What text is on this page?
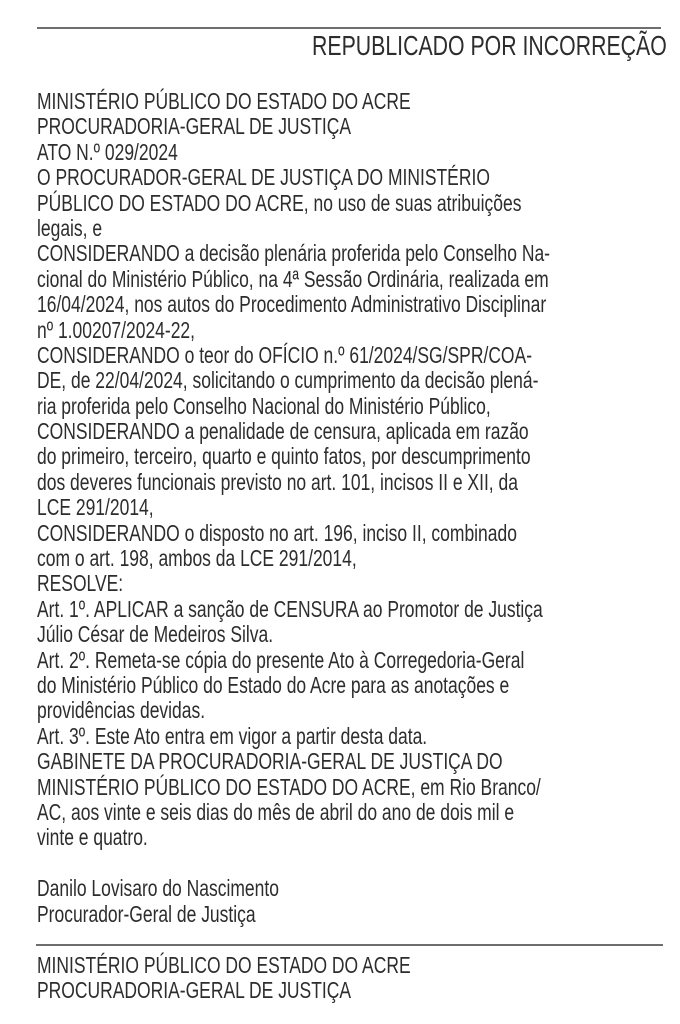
REPUBLICADO POR INCORREÇÃO
MINISTÉRIO PÚBLICO DO ESTADO DO ACRE
PROCURADORIA-GERAL DE JUSTIÇA
ATO N.º 029/2024
O PROCURADOR-GERAL DE JUSTIÇA DO MINISTÉRIO
PÚBLICO DO ESTADO DO ACRE, no uso de suas atribuições
legais, e
CONSIDERANDO a decisão plenária proferida pelo Conselho Na-
cional do Ministério Público, na 4ª Sessão Ordinária, realizada em
16/04/2024, nos autos do Procedimento Administrativo Disciplinar
nº 1.00207/2024-22,
CONSIDERANDO o teor do OFÍCIO n.º 61/2024/SG/SPR/COA-
DE, de 22/04/2024, solicitando o cumprimento da decisão plená-
ria proferida pelo Conselho Nacional do Ministério Público,
CONSIDERANDO a penalidade de censura, aplicada em razão
do primeiro, terceiro, quarto e quinto fatos, por descumprimento
dos deveres funcionais previsto no art. 101, incisos II e XII, da
LCE 291/2014,
CONSIDERANDO o disposto no art. 196, inciso II, combinado
com o art. 198, ambos da LCE 291/2014,
RESOLVE:
Art. 1º. APLICAR a sanção de CENSURA ao Promotor de Justiça
Júlio César de Medeiros Silva.
Art. 2º. Remeta-se cópia do presente Ato à Corregedoria-Geral
do Ministério Público do Estado do Acre para as anotações e
providências devidas.
Art. 3º. Este Ato entra em vigor a partir desta data.
GABINETE DA PROCURADORIA-GERAL DE JUSTIÇA DO
MINISTÉRIO PÚBLICO DO ESTADO DO ACRE, em Rio Branco/
AC, aos vinte e seis dias do mês de abril do ano de dois mil e
vinte e quatro.
Danilo Lovisaro do Nascimento
Procurador-Geral de Justiça
MINISTÉRIO PÚBLICO DO ESTADO DO ACRE
PROCURADORIA-GERAL DE JUSTIÇA
